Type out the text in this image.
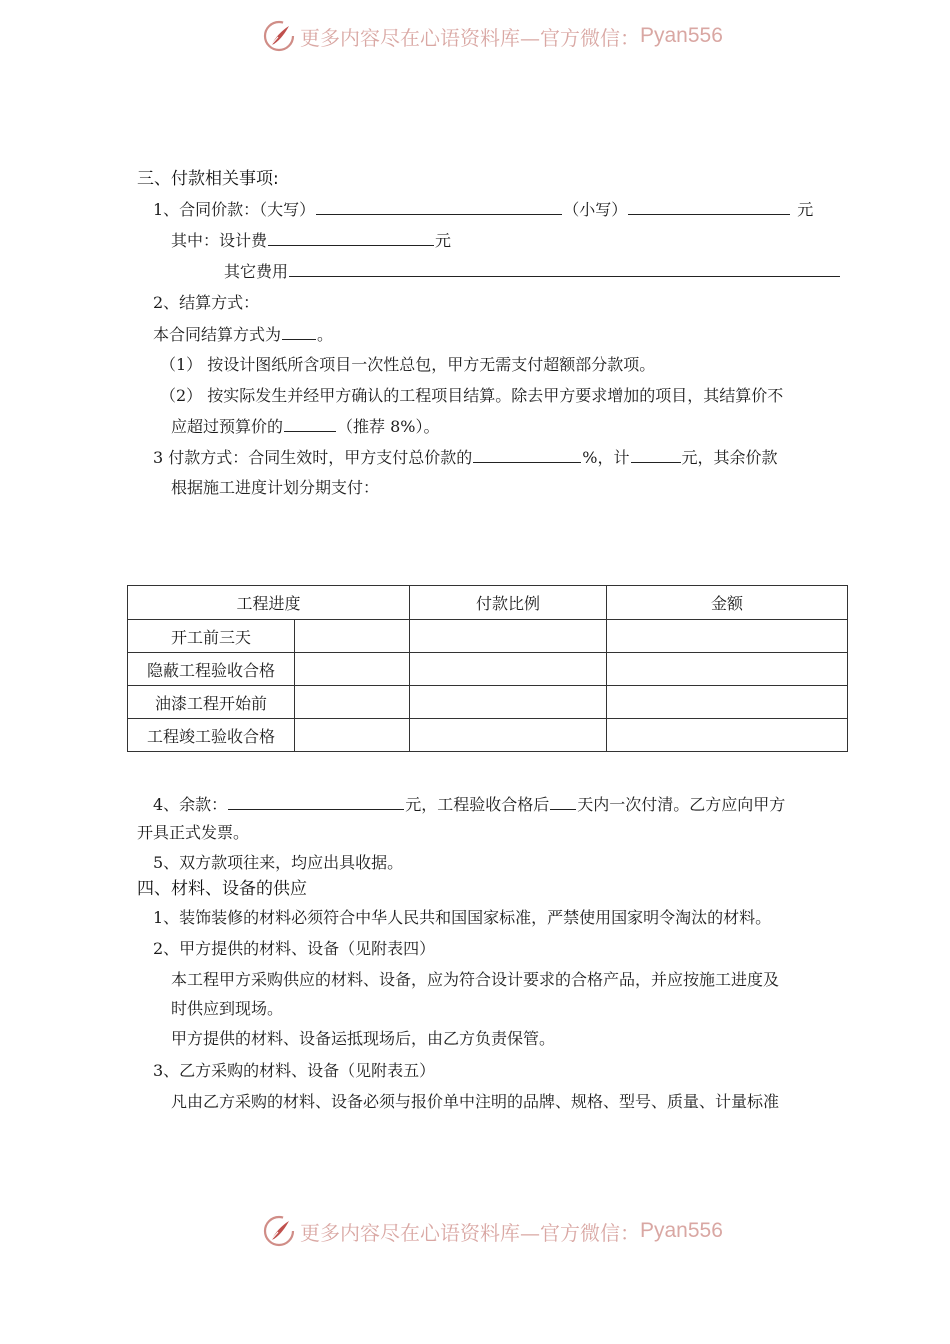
更多内容尽在心语资料库—官方微信： Pyan556
三、付款相关事项:
1、合同价款：（大写）	（小写）	元
其中：设计费	元
其它费用
2、结算方式：
本合同结算方式为 。
（1） 按设计图纸所含项目一次性总包，甲方无需支付超额部分款项。
（2） 按实际发生并经甲方确认的工程项目结算。除去甲方要求增加的项目，其结算价不
应超过预算价的	（推荐 8%）。
3 付款方式：合同生效时，甲方支付总价款的	%，计	元，其余价款
根据施工进度计划分期支付：
工程进度		付款比例	金额
开工前三天			
隐蔽工程验收合格			
油漆工程开始前			
工程竣工验收合格			
4、余款：	元，工程验收合格后 天内一次付清。乙方应向甲方
开具正式发票。
5、双方款项往来，均应出具收据。
四、材料、设备的供应
1、装饰装修的材料必须符合中华人民共和国国家标准，严禁使用国家明令淘汰的材料。
2、甲方提供的材料、设备（见附表四）
本工程甲方采购供应的材料、设备，应为符合设计要求的合格产品，并应按施工进度及
时供应到现场。
甲方提供的材料、设备运抵现场后，由乙方负责保管。
3、乙方采购的材料、设备（见附表五）
凡由乙方采购的材料、设备必须与报价单中注明的品牌、规格、型号、质量、计量标准
更多内容尽在心语资料库—官方微信： Pyan556
